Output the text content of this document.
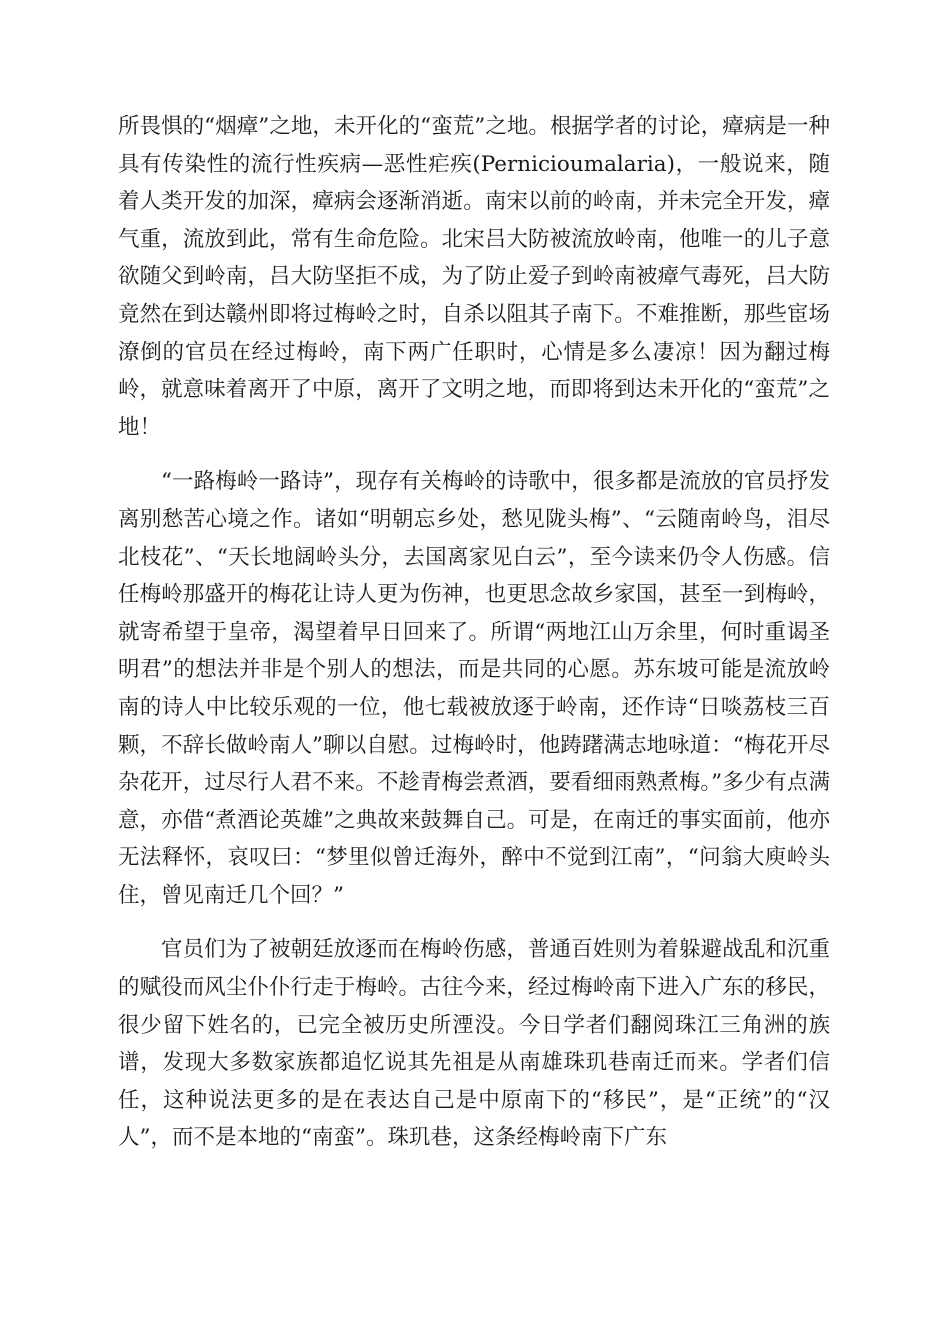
所畏惧的“烟瘴”之地，未开化的“蛮荒”之地。根据学者的讨论，瘴病是一种具有传染性的流行性疾病—恶性疟疾(Pernicioumalaria)，一般说来，随着人类开发的加深，瘴病会逐渐消逝。南宋以前的岭南，并未完全开发，瘴气重，流放到此，常有生命危险。北宋吕大防被流放岭南，他唯一的儿子意欲随父到岭南，吕大防坚拒不成，为了防止爱子到岭南被瘴气毒死，吕大防竟然在到达赣州即将过梅岭之时，自杀以阻其子南下。不难推断，那些宦场潦倒的官员在经过梅岭，南下两广任职时，心情是多么凄凉！因为翻过梅岭，就意味着离开了中原，离开了文明之地，而即将到达未开化的“蛮荒”之地！

“一路梅岭一路诗”，现存有关梅岭的诗歌中，很多都是流放的官员抒发离别愁苦心境之作。诸如“明朝忘乡处，愁见陇头梅”、“云随南岭鸟，泪尽北枝花”、“天长地阔岭头分，去国离家见白云”，至今读来仍令人伤感。信任梅岭那盛开的梅花让诗人更为伤神，也更思念故乡家国，甚至一到梅岭，就寄希望于皇帝，渴望着早日回来了。所谓“两地江山万余里，何时重谒圣明君”的想法并非是个别人的想法，而是共同的心愿。苏东坡可能是流放岭南的诗人中比较乐观的一位，他七载被放逐于岭南，还作诗“日啖荔枝三百颗，不辞长做岭南人”聊以自慰。过梅岭时，他踌躇满志地咏道：“梅花开尽杂花开，过尽行人君不来。不趁青梅尝煮酒，要看细雨熟煮梅。”多少有点满意，亦借“煮酒论英雄”之典故来鼓舞自己。可是，在南迁的事实面前，他亦无法释怀，哀叹曰：“梦里似曾迁海外，醉中不觉到江南”，“问翁大庾岭头住，曾见南迁几个回？”

官员们为了被朝廷放逐而在梅岭伤感，普通百姓则为着躲避战乱和沉重的赋役而风尘仆仆行走于梅岭。古往今来，经过梅岭南下进入广东的移民，很少留下姓名的，已完全被历史所湮没。今日学者们翻阅珠江三角洲的族谱，发现大多数家族都追忆说其先祖是从南雄珠玑巷南迁而来。学者们信任，这种说法更多的是在表达自己是中原南下的“移民”，是“正统”的“汉人”，而不是本地的“南蛮”。珠玑巷，这条经梅岭南下广东
